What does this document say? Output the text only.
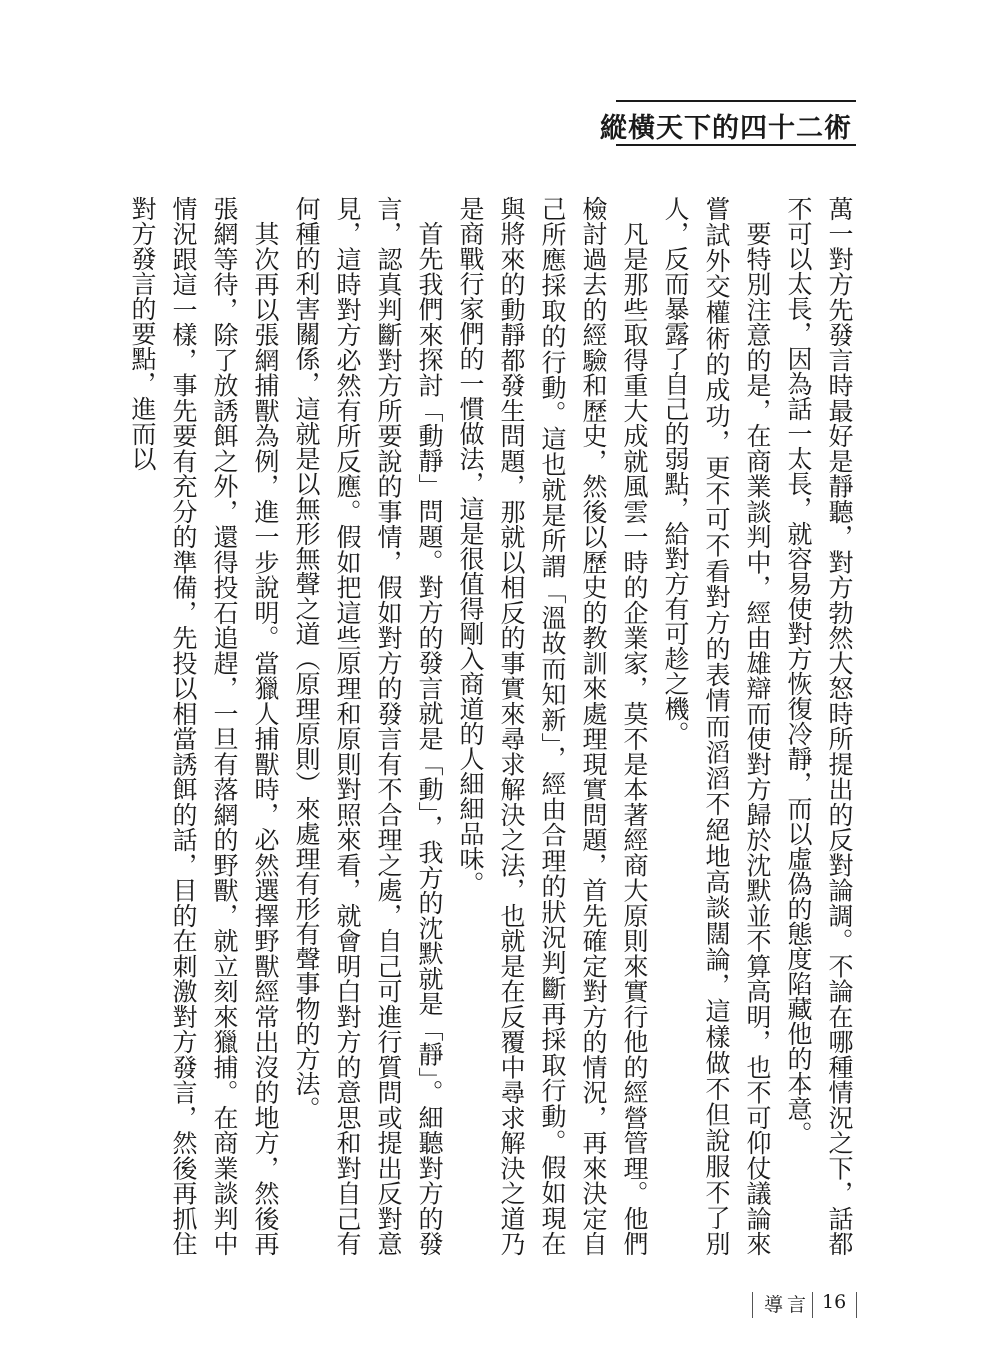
縱橫天下的四十二術

萬一對方先發言時最好是靜聽，對方勃然大怒時所提出的反對論調。不論在哪種情況之下，話都不可以太長，因為話一太長，就容易使對方恢復冷靜，而以虛偽的態度陷藏他的本意。

要特別注意的是，在商業談判中，經由雄辯而使對方歸於沈默並不算高明，也不可仰仗議論來嘗試外交權術的成功，更不可不看對方的表情而滔滔不絕地高談闊論，這樣做不但說服不了別人，反而暴露了自己的弱點，給對方有可趁之機。

凡是那些取得重大成就風雲一時的企業家，莫不是本著經商大原則來實行他的經營管理。他們檢討過去的經驗和歷史，然後以歷史的教訓來處理現實問題，首先確定對方的情況，再來決定自己所應採取的行動。這也就是所謂「溫故而知新」，經由合理的狀況判斷再採取行動。假如現在與將來的動靜都發生問題，那就以相反的事實來尋求解決之法，也就是在反覆中尋求解決之道乃是商戰行家們的一慣做法，這是很值得剛入商道的人細細品味。

首先我們來探討「動靜」問題。對方的發言就是「動」，我方的沈默就是「靜」。細聽對方的發言，認真判斷對方所要說的事情，假如對方的發言有不合理之處，自己可進行質問或提出反對意見，這時對方必然有所反應。假如把這些原理和原則對照來看，就會明白對方的意思和對自己有何種的利害關係，這就是以無形無聲之道（原理原則）來處理有形有聲事物的方法。

其次再以張網捕獸為例，進一步說明。當獵人捕獸時，必然選擇野獸經常出沒的地方，然後再張網等待，除了放誘餌之外，還得投石追趕，一旦有落網的野獸，就立刻來獵捕。在商業談判中情況跟這一樣，事先要有充分的準備，先投以相當誘餌的話，目的在刺激對方發言，然後再抓住對方發言的要點，進而以

導言 16
